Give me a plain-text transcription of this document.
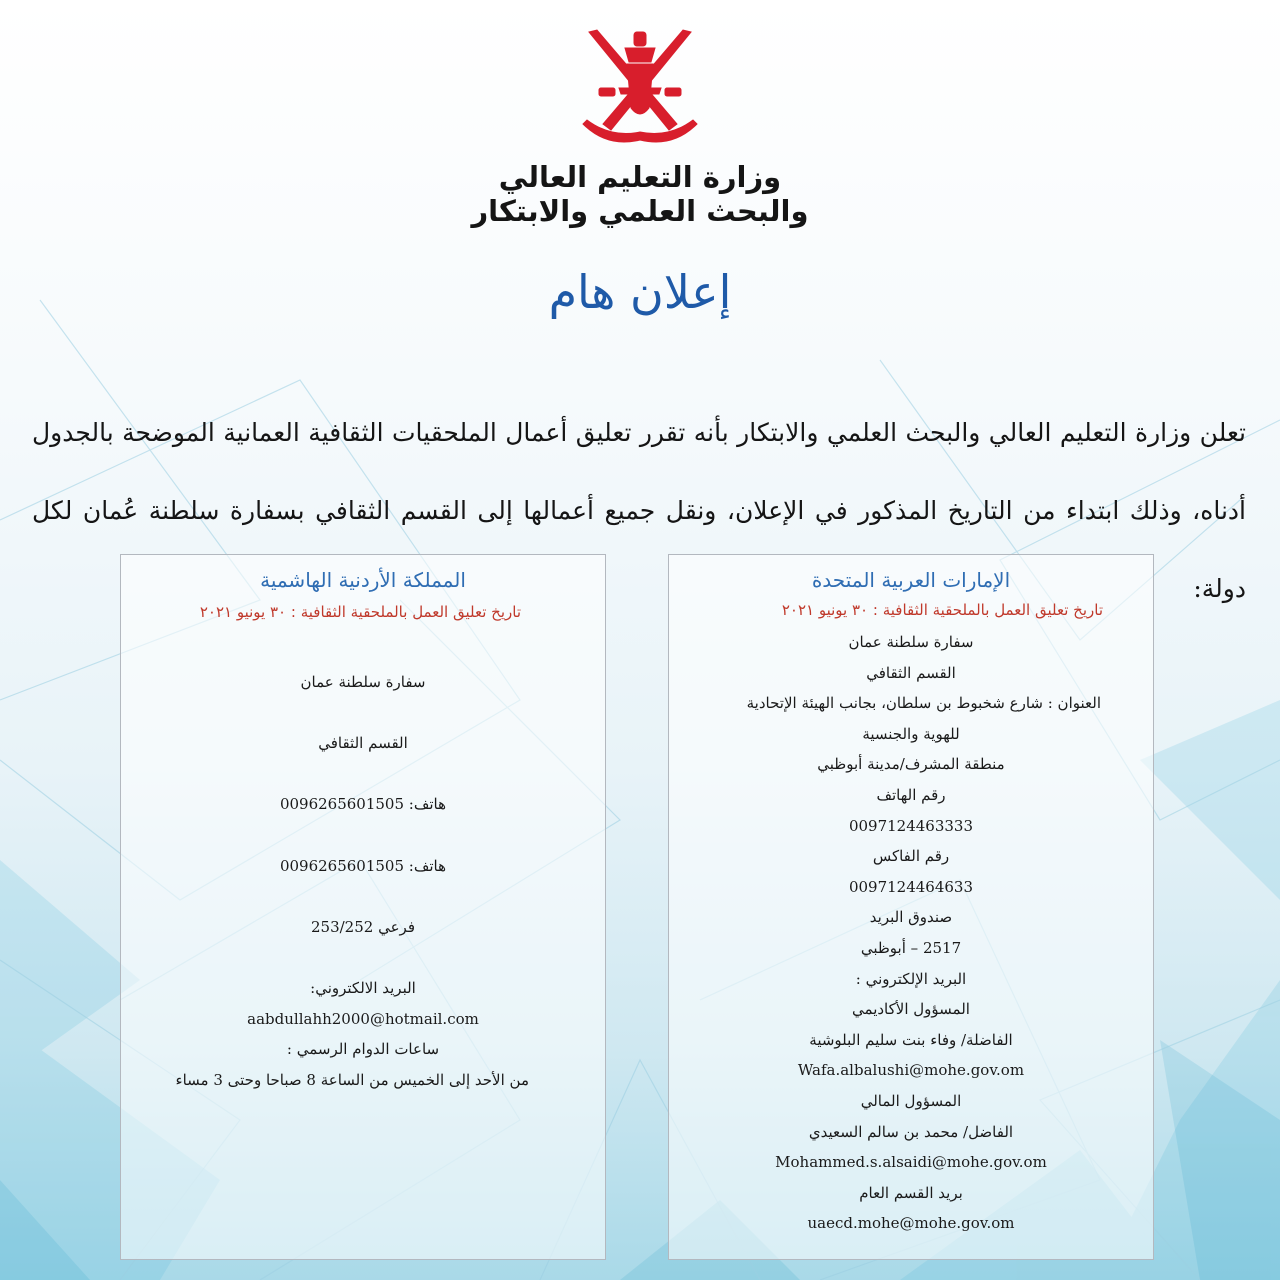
وزارة التعليم العالي
والبحث العلمي والابتكار
إعلان هام
تعلن وزارة التعليم العالي والبحث العلمي والابتكار بأنه تقرر تعليق أعمال الملحقيات الثقافية العمانية الموضحة بالجدول أدناه، وذلك ابتداء من التاريخ المذكور في الإعلان، ونقل جميع أعمالها إلى القسم الثقافي بسفارة سلطنة عُمان لكل دولة:
الإمارات العربية المتحدة
تاريخ تعليق العمل بالملحقية الثقافية : ٣٠ يونيو ٢٠٢١
سفارة سلطنة عمان
القسم الثقافي
العنوان : شارع شخبوط بن سلطان، بجانب الهيئة الإتحادية
للهوية والجنسية
منطقة المشرف/مدينة أبوظبي
رقم الهاتف
0097124463333
رقم الفاكس
0097124464633
صندوق البريد
2517 – أبوظبي
البريد الإلكتروني :
المسؤول الأكاديمي
الفاضلة/ وفاء بنت سليم البلوشية
Wafa.albalushi@mohe.gov.om
المسؤول المالي
الفاضل/ محمد بن سالم السعيدي
Mohammed.s.alsaidi@mohe.gov.om
بريد القسم العام
uaecd.mohe@mohe.gov.om
المملكة الأردنية الهاشمية
تاريخ تعليق العمل بالملحقية الثقافية : ٣٠ يونيو ٢٠٢١
سفارة سلطنة عمان
القسم الثقافي
هاتف: 0096265601505
هاتف: 0096265601505
فرعي 253/252
البريد الالكتروني:
aabdullahh2000@hotmail.com
ساعات الدوام الرسمي :
من الأحد إلى الخميس من الساعة 8 صباحا وحتى 3 مساء
